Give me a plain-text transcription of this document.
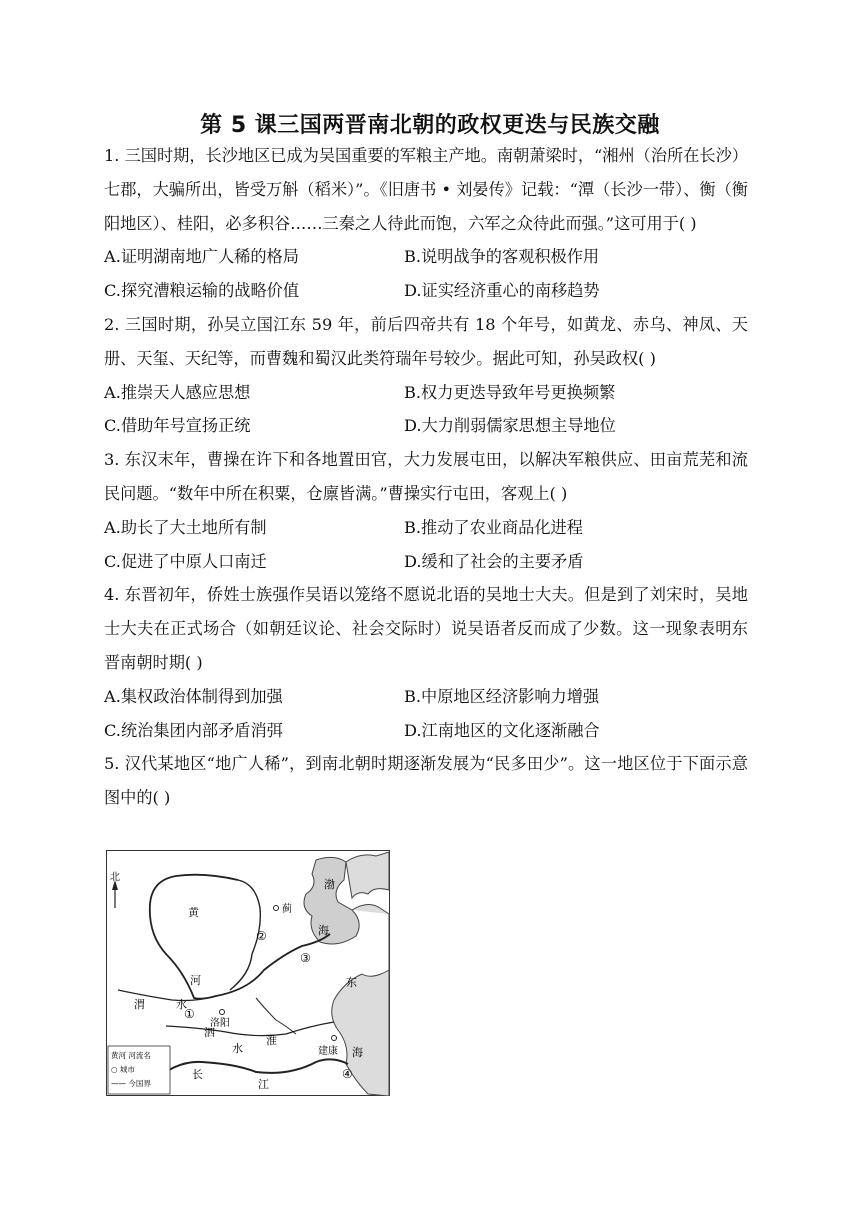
第 5 课三国两晋南北朝的政权更迭与民族交融

1. 三国时期，长沙地区已成为吴国重要的军粮主产地。南朝萧梁时，“湘州（治所在长沙）七郡，大骗所出，皆受万斛（稻米）”。《旧唐书 • 刘晏传》记载：“潭（长沙一带）、衡（衡阳地区）、桂阳，必多积谷……三秦之人待此而饱，六军之众待此而强。”这可用于( )

A.证明湖南地广人稀的格局	B.说明战争的客观积极作用

C.探究漕粮运输的战略价值	D.证实经济重心的南移趋势

2. 三国时期，孙吴立国江东 59 年，前后四帝共有 18 个年号，如黄龙、赤乌、神凤、天册、天玺、天纪等，而曹魏和蜀汉此类符瑞年号较少。据此可知，孙吴政权( )

A.推崇天人感应思想	B.权力更迭导致年号更换频繁

C.借助年号宣扬正统	D.大力削弱儒家思想主导地位

3. 东汉末年，曹操在许下和各地置田官，大力发展屯田，以解决军粮供应、田亩荒芜和流民问题。“数年中所在积粟，仓廪皆满。”曹操实行屯田，客观上( )

A.助长了大土地所有制	B.推动了农业商品化进程

C.促进了中原人口南迁	D.缓和了社会的主要矛盾

4. 东晋初年，侨姓士族强作吴语以笼络不愿说北语的吴地士大夫。但是到了刘宋时，吴地士大夫在正式场合（如朝廷议论、社会交际时）说吴语者反而成了少数。这一现象表明东晋南朝时期( )

A.集权政治体制得到加强	B.中原地区经济影响力增强

C.统治集团内部矛盾消弭	D.江南地区的文化逐渐融合

5. 汉代某地区“地广人稀”，到南北朝时期逐渐发展为“民多田少”。这一地区位于下面示意图中的( )

北
黄
河
渭	水
淮
水
泗
渤
海
东
海
长
江
蓟
洛阳
建康
①
②
③
④
黄河 河流名
○ 城市
—— 今国界
